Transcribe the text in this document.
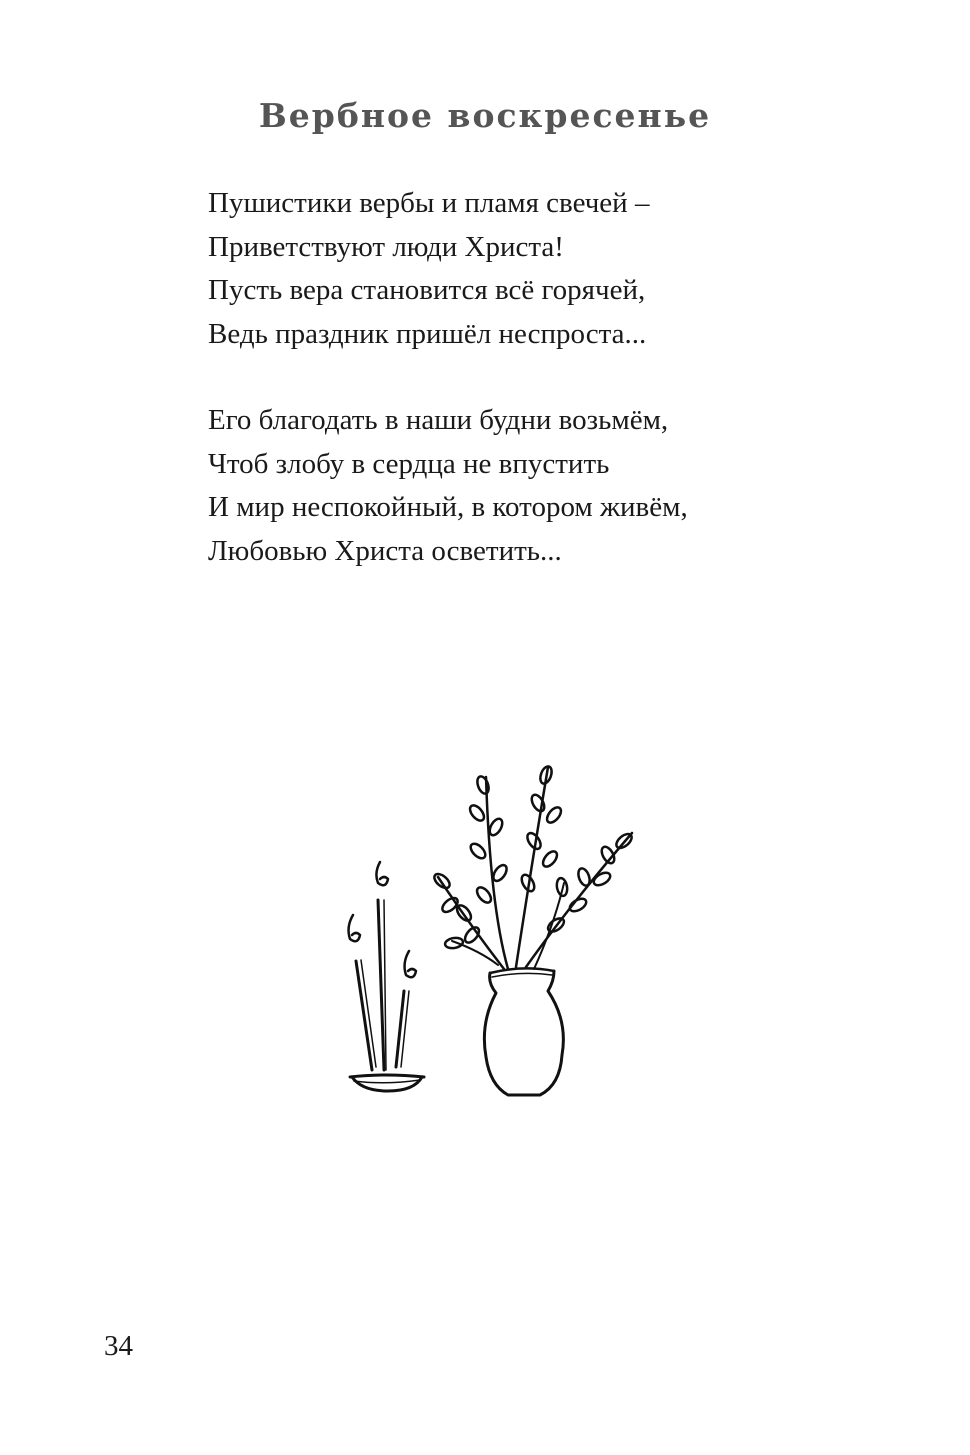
Вербное воскресенье

Пушистики вербы и пламя свечей –
Приветствуют люди Христа!
Пусть вера становится всё горячей,
Ведь праздник пришёл неспроста...

Его благодать в наши будни возьмём,
Чтоб злобу в сердца не впустить
И мир неспокойный, в котором живём,
Любовью Христа осветить...

34
